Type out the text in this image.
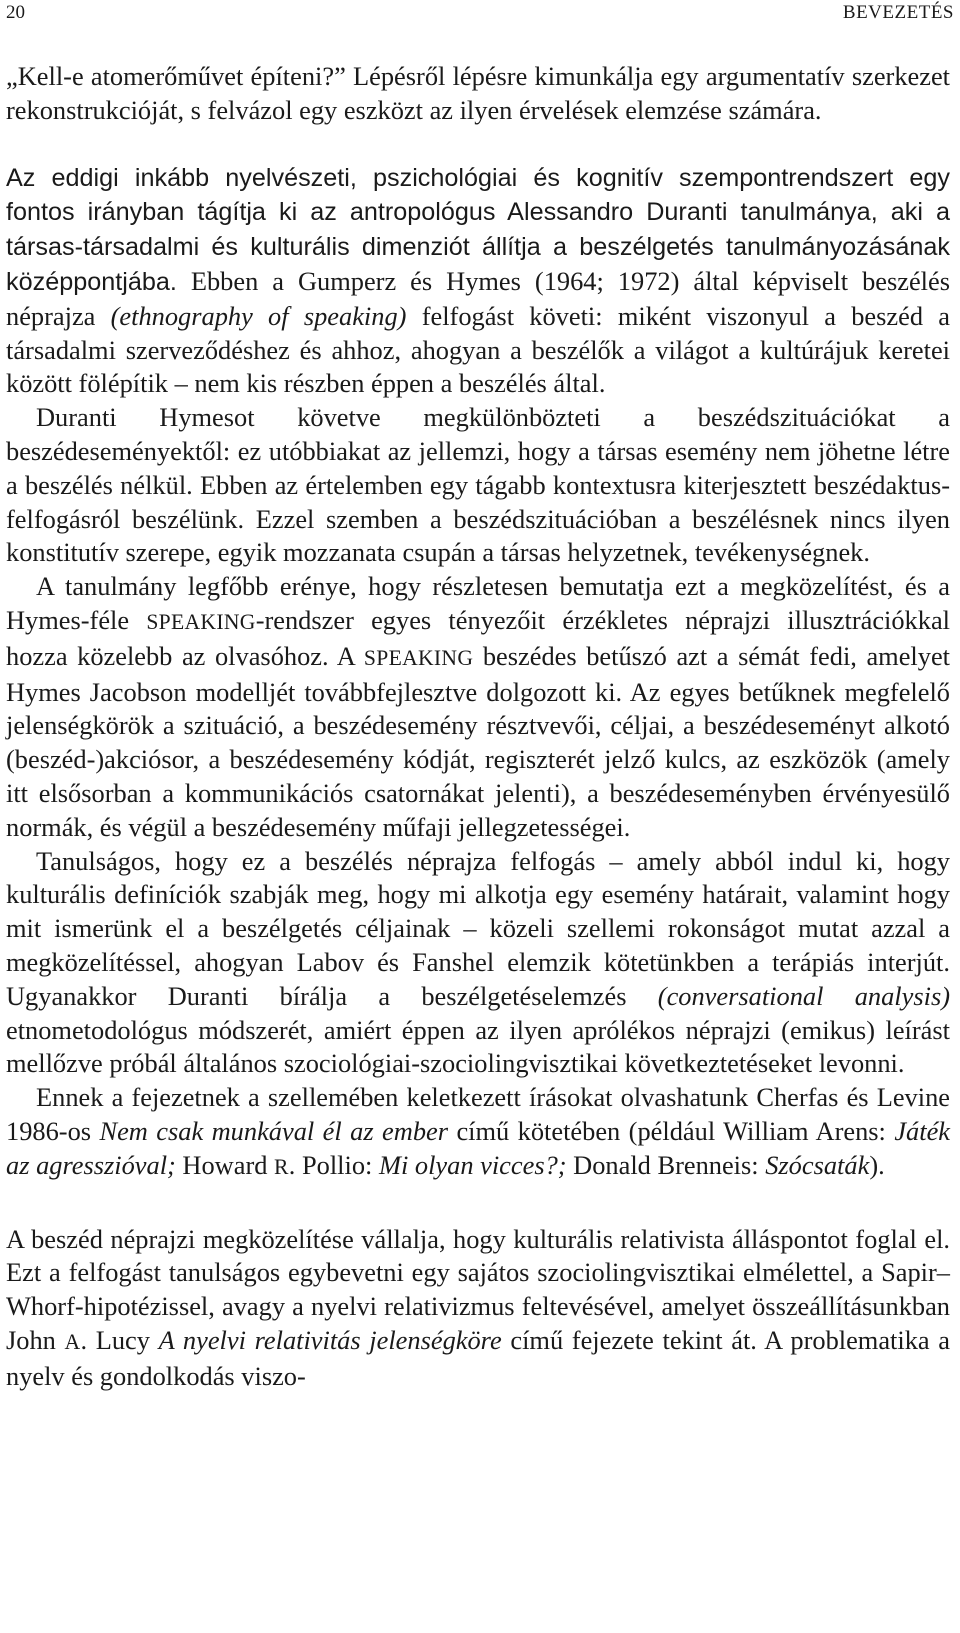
20	BEVEZETÉS

„Kell-e atomerőművet építeni?” Lépésről lépésre kimunkálja egy argumentatív szerkezet rekonstrukcióját, s felvázol egy eszközt az ilyen érvelések elemzése számára.

Az eddigi inkább nyelvészeti, pszichológiai és kognitív szempontrendszert egy fontos irányban tágítja ki az antropológus Alessandro Duranti tanulmánya, aki a társas-társadalmi és kulturális dimenziót állítja a beszélgetés tanulmányozásának középpontjába. Ebben a Gumperz és Hymes (1964; 1972) által képviselt beszélés néprajza (ethnography of speaking) felfogást követi: miként viszonyul a beszéd a társadalmi szerveződéshez és ahhoz, ahogyan a beszélők a világot a kultúrájuk keretei között fölépítik – nem kis részben éppen a beszélés által.

Duranti Hymesot követve megkülönbözteti a beszédszituációkat a beszédeseményektől: ez utóbbiakat az jellemzi, hogy a társas esemény nem jöhetne létre a beszélés nélkül. Ebben az értelemben egy tágabb kontextusra kiterjesztett beszédaktus-felfogásról beszélünk. Ezzel szemben a beszédszituációban a beszélésnek nincs ilyen konstitutív szerepe, egyik mozzanata csupán a társas helyzetnek, tevékenységnek.

A tanulmány legfőbb erénye, hogy részletesen bemutatja ezt a megközelítést, és a Hymes-féle SPEAKING-rendszer egyes tényezőit érzékletes néprajzi illusztrációkkal hozza közelebb az olvasóhoz. A SPEAKING beszédes betűszó azt a sémát fedi, amelyet Hymes Jacobson modelljét továbbfejlesztve dolgozott ki. Az egyes betűknek megfelelő jelenségkörök a szituáció, a beszédesemény résztvevői, céljai, a beszédeseményt alkotó (beszéd-)akciósor, a beszédesemény kódját, regiszterét jelző kulcs, az eszközök (amely itt elsősorban a kommunikációs csatornákat jelenti), a beszédeseményben érvényesülő normák, és végül a beszédesemény műfaji jellegzetességei.

Tanulságos, hogy ez a beszélés néprajza felfogás – amely abból indul ki, hogy kulturális definíciók szabják meg, hogy mi alkotja egy esemény határait, valamint hogy mit ismerünk el a beszélgetés céljainak – közeli szellemi rokonságot mutat azzal a megközelítéssel, ahogyan Labov és Fanshel elemzik kötetünkben a terápiás interjút. Ugyanakkor Duranti bírálja a beszélgetéselemzés (conversational analysis) etnometodológus módszerét, amiért éppen az ilyen aprólékos néprajzi (emikus) leírást mellőzve próbál általános szociológiai-szociolingvisztikai következtetéseket levonni.

Ennek a fejezetnek a szellemében keletkezett írásokat olvashatunk Cherfas és Levine 1986-os Nem csak munkával él az ember című kötetében (például William Arens: Játék az agresszióval; Howard R. Pollio: Mi olyan vicces?; Donald Brenneis: Szócsaták).

A beszéd néprajzi megközelítése vállalja, hogy kulturális relativista álláspontot foglal el. Ezt a felfogást tanulságos egybevetni egy sajátos szociolingvisztikai elmélettel, a Sapir–Whorf-hipotézissel, avagy a nyelvi relativizmus feltevésével, amelyet összeállításunkban John A. Lucy A nyelvi relativitás jelenségköre című fejezete tekint át. A problematika a nyelv és gondolkodás viszo-
